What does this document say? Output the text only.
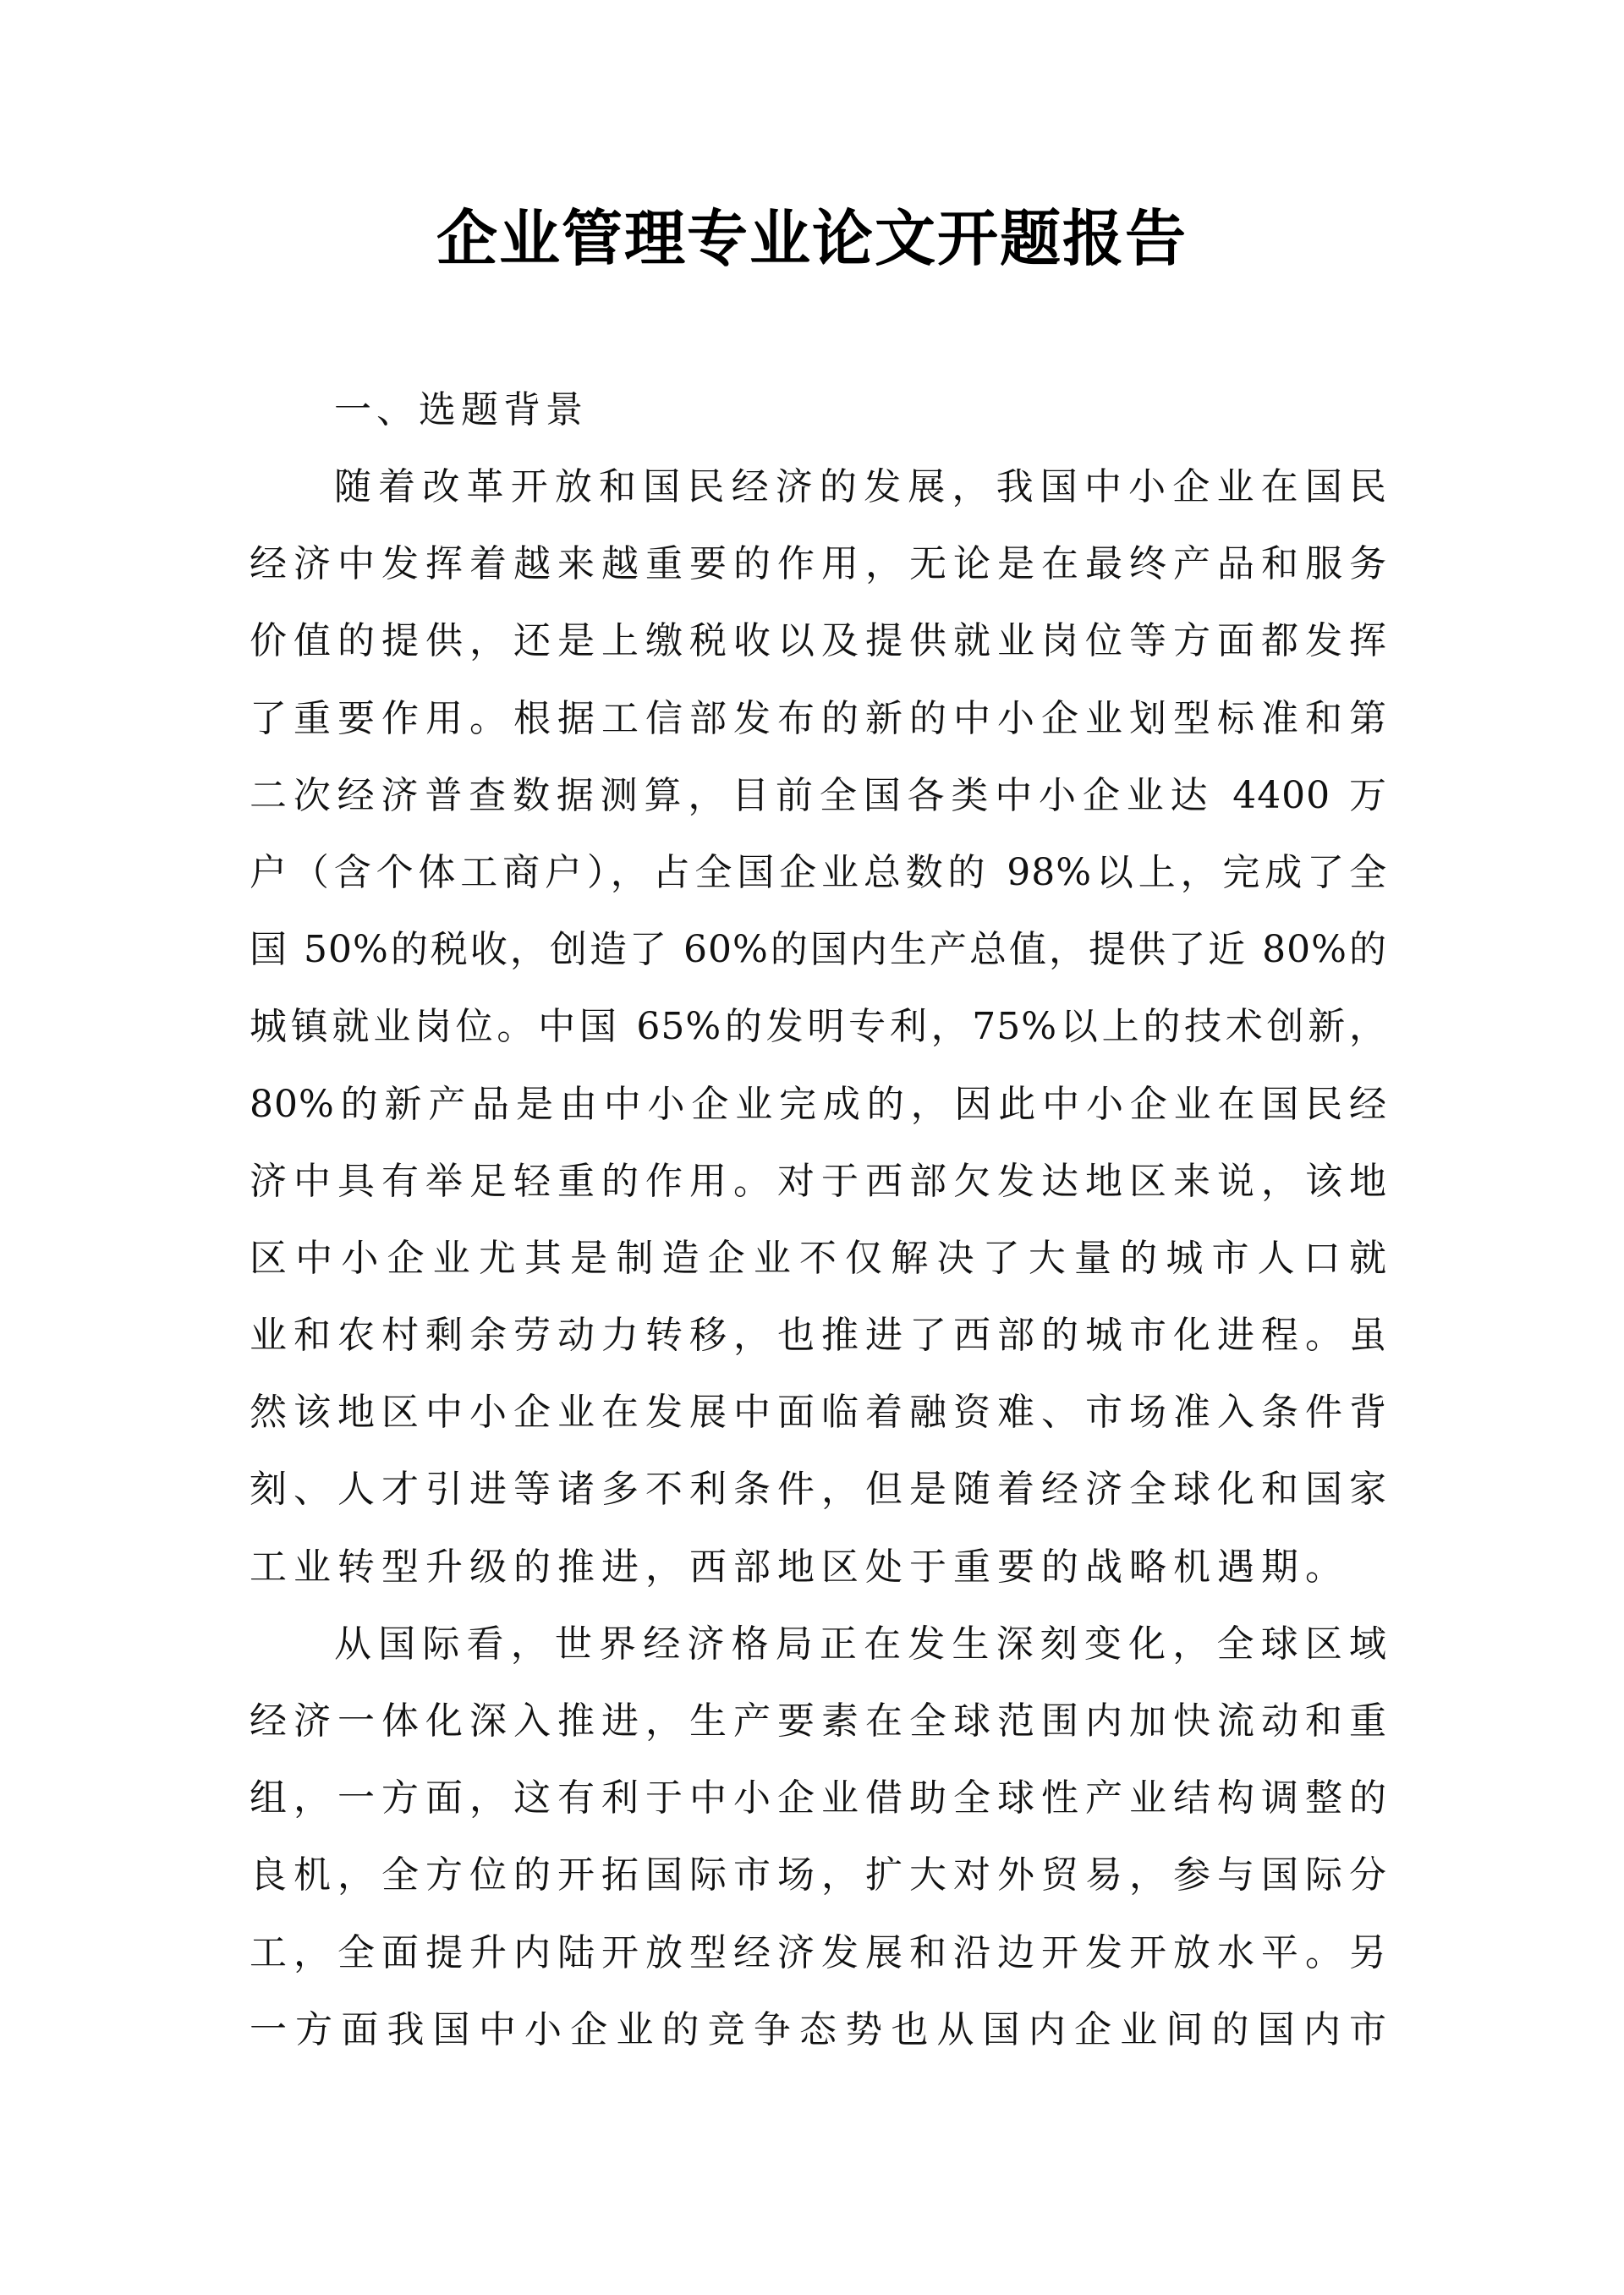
企业管理专业论文开题报告
一、选题背景
随着改革开放和国民经济的发展，我国中小企业在国民
经济中发挥着越来越重要的作用，无论是在最终产品和服务
价值的提供，还是上缴税收以及提供就业岗位等方面都发挥
了重要作用。根据工信部发布的新的中小企业划型标准和第
二次经济普查数据测算，目前全国各类中小企业达 4400 万
户（含个体工商户），占全国企业总数的 98%以上，完成了全
国 50%的税收，创造了 60%的国内生产总值，提供了近 80%的
城镇就业岗位。中国 65%的发明专利，75%以上的技术创新，
80%的新产品是由中小企业完成的，因此中小企业在国民经
济中具有举足轻重的作用。对于西部欠发达地区来说，该地
区中小企业尤其是制造企业不仅解决了大量的城市人口就
业和农村剩余劳动力转移，也推进了西部的城市化进程。虽
然该地区中小企业在发展中面临着融资难、市场准入条件背
刻、人才引进等诸多不利条件，但是随着经济全球化和国家
工业转型升级的推进，西部地区处于重要的战略机遇期。
从国际看，世界经济格局正在发生深刻变化，全球区域
经济一体化深入推进，生产要素在全球范围内加快流动和重
组，一方面，这有利于中小企业借助全球性产业结构调整的
良机，全方位的开拓国际市场，扩大对外贸易，参与国际分
工，全面提升内陆开放型经济发展和沿边开发开放水平。另
一方面我国中小企业的竞争态势也从国内企业间的国内市
